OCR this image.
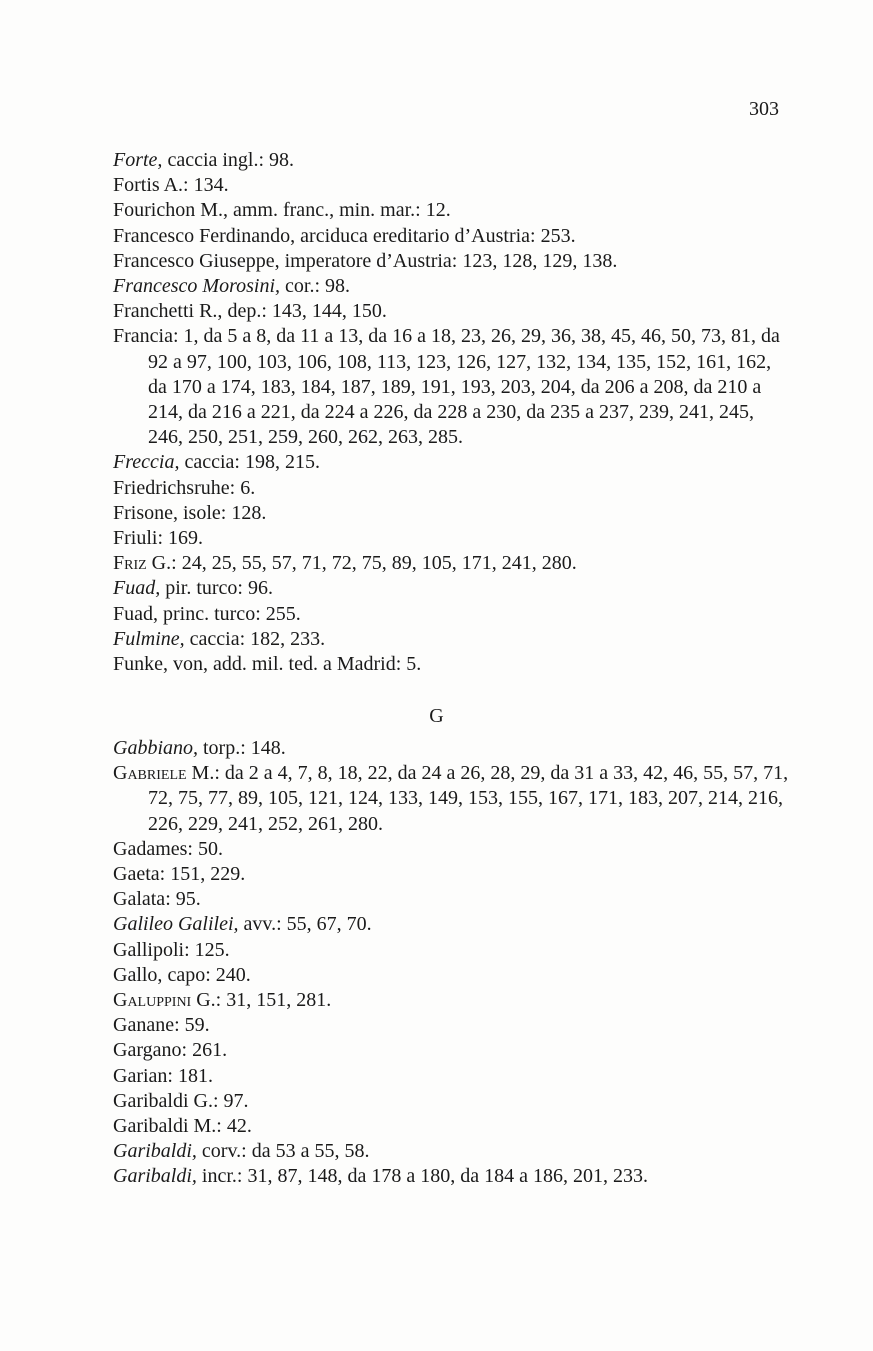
303

Forte, caccia ingl.: 98.

Fortis A.: 134.

Fourichon M., amm. franc., min. mar.: 12.

Francesco Ferdinando, arciduca ereditario d’Austria: 253.

Francesco Giuseppe, imperatore d’Austria: 123, 128, 129, 138.

Francesco Morosini, cor.: 98.

Franchetti R., dep.: 143, 144, 150.

Francia: 1, da 5 a 8, da 11 a 13, da 16 a 18, 23, 26, 29, 36, 38, 45, 46, 50, 73, 81, da 92 a 97, 100, 103, 106, 108, 113, 123, 126, 127, 132, 134, 135, 152, 161, 162, da 170 a 174, 183, 184, 187, 189, 191, 193, 203, 204, da 206 a 208, da 210 a 214, da 216 a 221, da 224 a 226, da 228 a 230, da 235 a 237, 239, 241, 245, 246, 250, 251, 259, 260, 262, 263, 285.

Freccia, caccia: 198, 215.

Friedrichsruhe: 6.

Frisone, isole: 128.

Friuli: 169.

Friz G.: 24, 25, 55, 57, 71, 72, 75, 89, 105, 171, 241, 280.

Fuad, pir. turco: 96.

Fuad, princ. turco: 255.

Fulmine, caccia: 182, 233.

Funke, von, add. mil. ted. a Madrid: 5.

G

Gabbiano, torp.: 148.

Gabriele M.: da 2 a 4, 7, 8, 18, 22, da 24 a 26, 28, 29, da 31 a 33, 42, 46, 55, 57, 71, 72, 75, 77, 89, 105, 121, 124, 133, 149, 153, 155, 167, 171, 183, 207, 214, 216, 226, 229, 241, 252, 261, 280.

Gadames: 50.

Gaeta: 151, 229.

Galata: 95.

Galileo Galilei, avv.: 55, 67, 70.

Gallipoli: 125.

Gallo, capo: 240.

Galuppini G.: 31, 151, 281.

Ganane: 59.

Gargano: 261.

Garian: 181.

Garibaldi G.: 97.

Garibaldi M.: 42.

Garibaldi, corv.: da 53 a 55, 58.

Garibaldi, incr.: 31, 87, 148, da 178 a 180, da 184 a 186, 201, 233.
